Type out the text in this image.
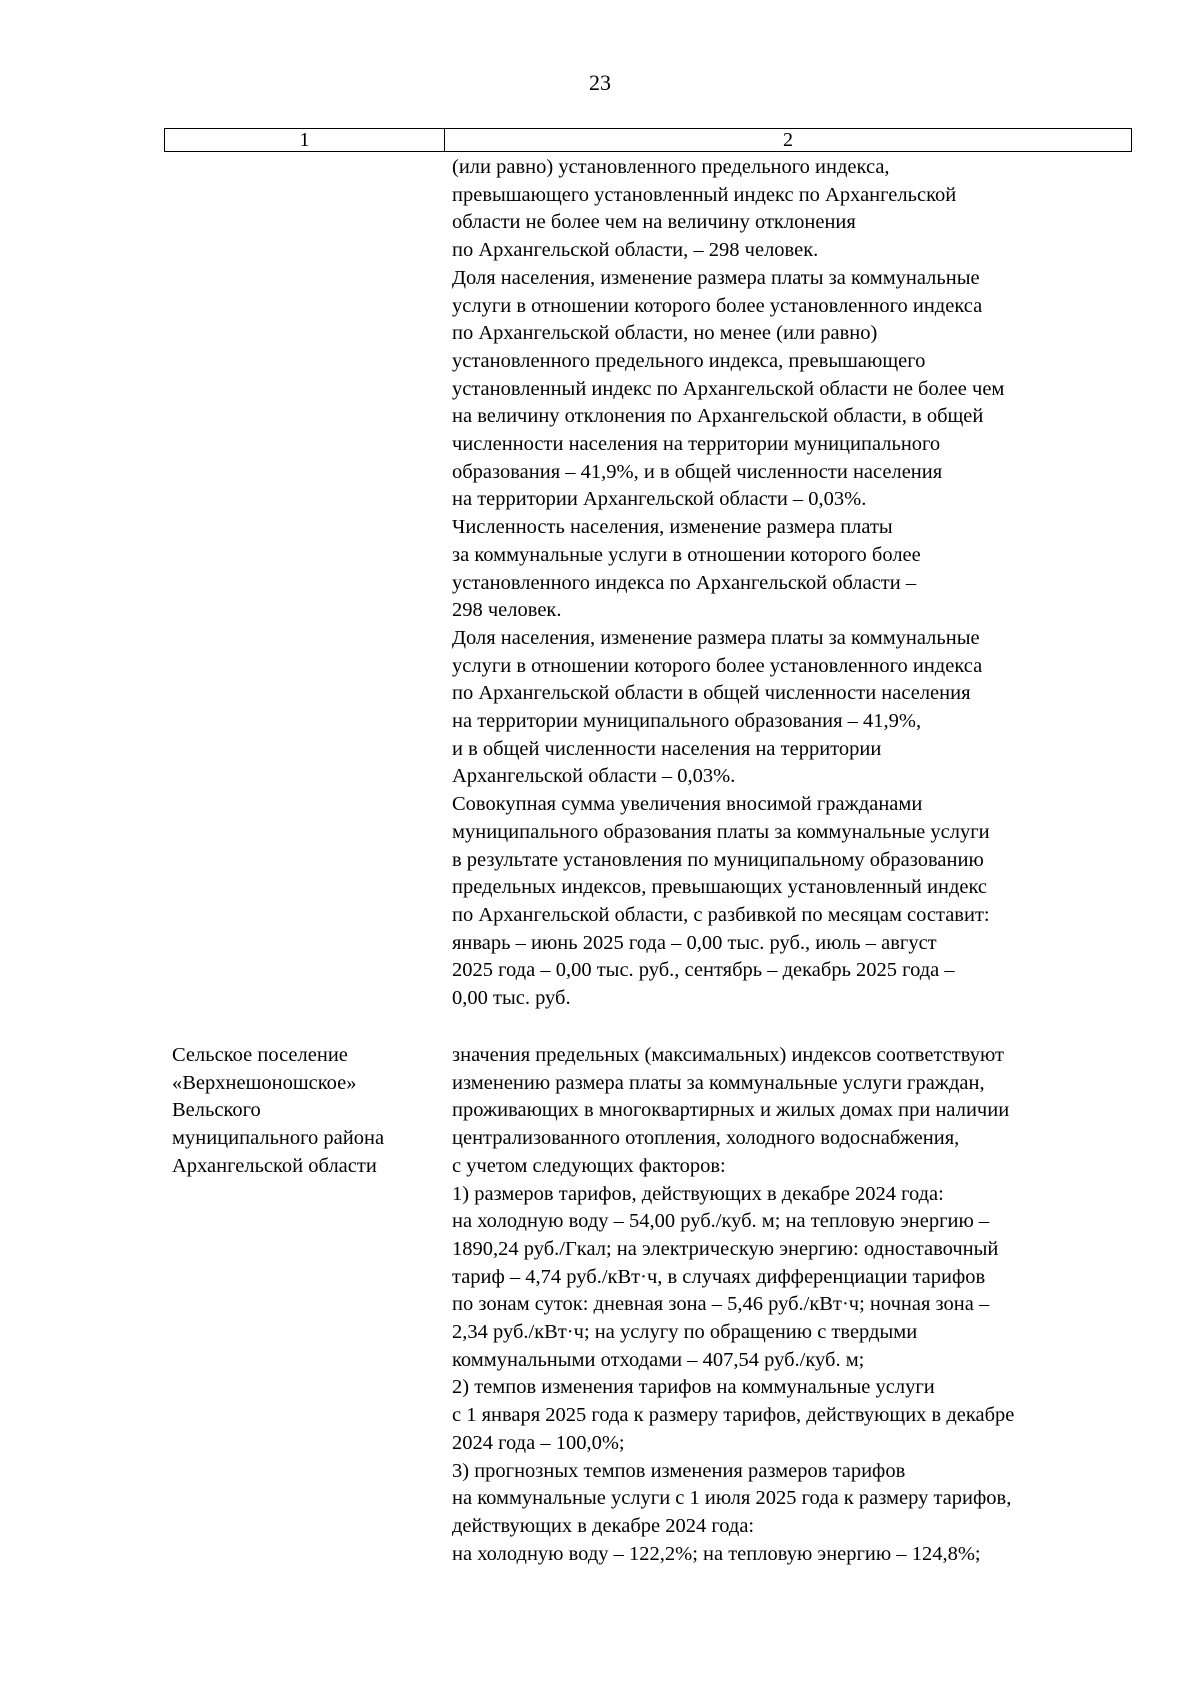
23
1	2
(или равно) установленного предельного индекса,
превышающего установленный индекс по Архангельской
области не более чем на величину отклонения
по Архангельской области, – 298 человек.
Доля населения, изменение размера платы за коммунальные
услуги в отношении которого более установленного индекса
по Архангельской области, но менее (или равно)
установленного предельного индекса, превышающего
установленный индекс по Архангельской области не более чем
на величину отклонения по Архангельской области, в общей
численности населения на территории муниципального
образования – 41,9%, и в общей численности населения
на территории Архангельской области – 0,03%.
Численность населения, изменение размера платы
за коммунальные услуги в отношении которого более
установленного индекса по Архангельской области –
298 человек.
Доля населения, изменение размера платы за коммунальные
услуги в отношении которого более установленного индекса
по Архангельской области в общей численности населения
на территории муниципального образования – 41,9%,
и в общей численности населения на территории
Архангельской области – 0,03%.
Совокупная сумма увеличения вносимой гражданами
муниципального образования платы за коммунальные услуги
в результате установления по муниципальному образованию
предельных индексов, превышающих установленный индекс
по Архангельской области, с разбивкой по месяцам составит:
январь – июнь 2025 года – 0,00 тыс. руб., июль – август
2025 года – 0,00 тыс. руб., сентябрь – декабрь 2025 года –
0,00 тыс. руб.
Сельское поселение
«Верхнешоношское»
Вельского
муниципального района
Архангельской области
значения предельных (максимальных) индексов соответствуют
изменению размера платы за коммунальные услуги граждан,
проживающих в многоквартирных и жилых домах при наличии
централизованного отопления, холодного водоснабжения,
с учетом следующих факторов:
1) размеров тарифов, действующих в декабре 2024 года:
на холодную воду – 54,00 руб./куб. м; на тепловую энергию –
1890,24 руб./Гкал; на электрическую энергию: одноставочный
тариф – 4,74 руб./кВт·ч, в случаях дифференциации тарифов
по зонам суток: дневная зона – 5,46 руб./кВт·ч; ночная зона –
2,34 руб./кВт·ч; на услугу по обращению с твердыми
коммунальными отходами – 407,54 руб./куб. м;
2) темпов изменения тарифов на коммунальные услуги
с 1 января 2025 года к размеру тарифов, действующих в декабре
2024 года – 100,0%;
3) прогнозных темпов изменения размеров тарифов
на коммунальные услуги с 1 июля 2025 года к размеру тарифов,
действующих в декабре 2024 года:
на холодную воду – 122,2%; на тепловую энергию – 124,8%;
